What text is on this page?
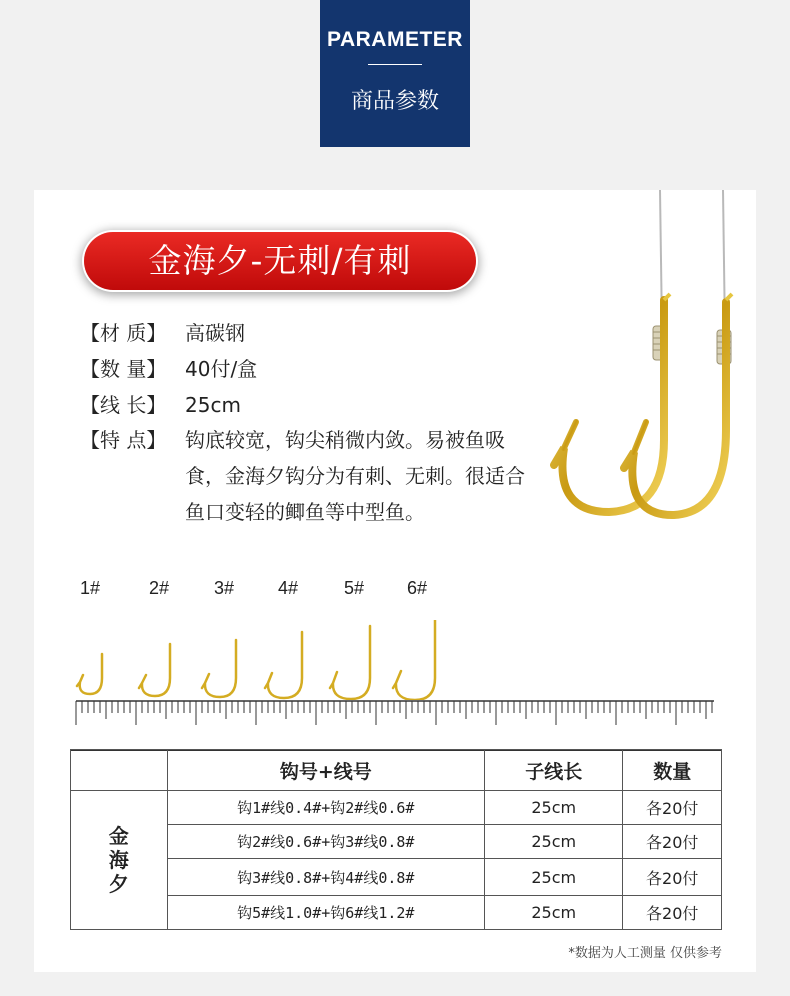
PARAMETER
商品参数
金海夕-无刺/有刺
【材 质】 高碳钢
【数 量】 40付/盒
【线 长】 25cm
【特 点】 钩底较宽，钩尖稍微内敛。易被鱼吸食，金海夕钩分为有刺、无刺。很适合鱼口变轻的鲫鱼等中型鱼。
1#	2# 3# 4#	5# 6#
	钩号+线号	子线长	数量
金海夕	钩1#线0.4#+钩2#线0.6#	25cm	各20付
	钩2#线0.6#+钩3#线0.8#	25cm	各20付
	钩3#线0.8#+钩4#线0.8#	25cm	各20付
	钩5#线1.0#+钩6#线1.2#	25cm	各20付
*数据为人工测量 仅供参考
